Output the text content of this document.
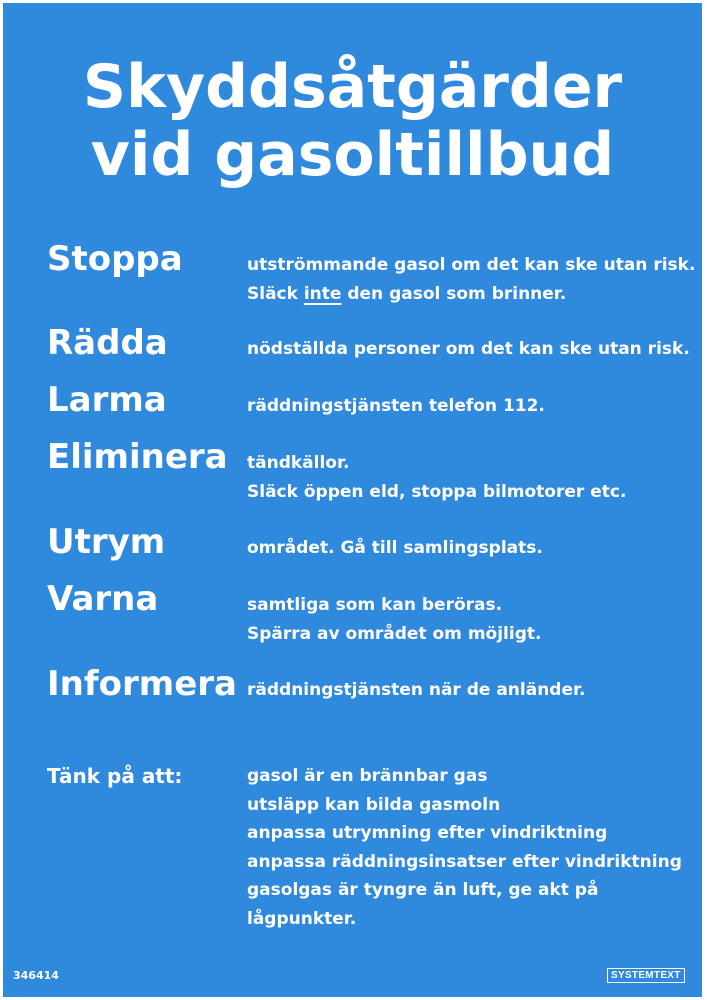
Skyddsåtgärder
vid gasoltillbud
Stoppa	utströmmande gasol om det kan ske utan risk.
Släck inte den gasol som brinner.
Rädda	nödställda personer om det kan ske utan risk.
Larma	räddningstjänsten telefon 112.
Eliminera tändkällor.
Släck öppen eld, stoppa bilmotorer etc.
Utrym	området. Gå till samlingsplats.
Varna	samtliga som kan beröras.
Spärra av området om möjligt.
Informera räddningstjänsten när de anländer.
Tänk på att:	gasol är en brännbar gas
utsläpp kan bilda gasmoln
anpassa utrymning efter vindriktning
anpassa räddningsinsatser efter vindriktning
gasolgas är tyngre än luft, ge akt på lågpunkter.
346414	SYSTEMTEXT
